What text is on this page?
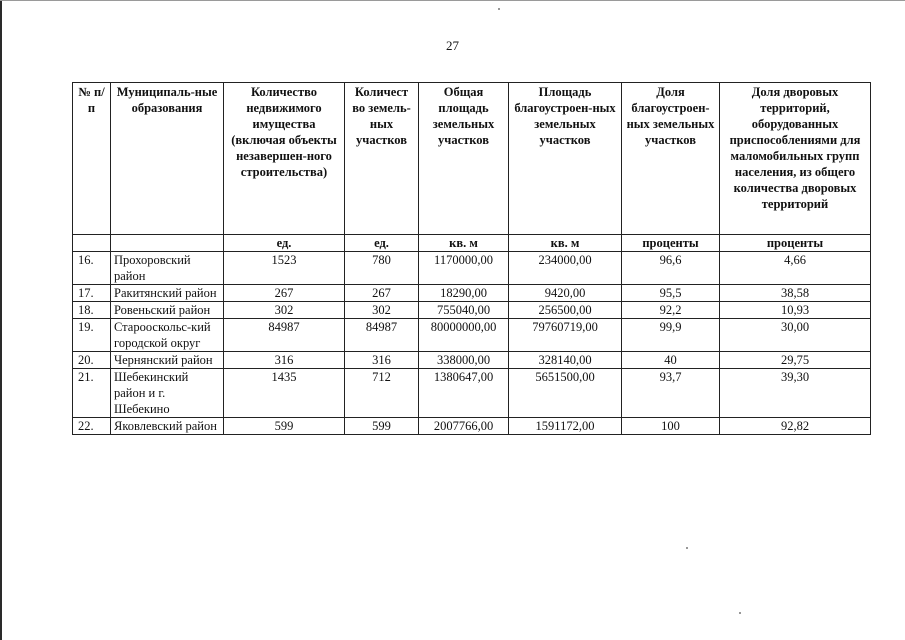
27
№ п/п	Муниципаль-ные образования	Количество недвижимого имущества (включая объекты незавершен-ного строительства)	Количест во земель-ных участков	Общая площадь земельных участков	Площадь благоустроен-ных земельных участков	Доля благоустроен-ных земельных участков	Доля дворовых территорий, оборудованных приспособлениями для маломобильных групп населения, из общего количества дворовых территорий
		ед.	ед.	кв. м	кв. м	проценты	проценты
16.	Прохоровский район	1523	780	1170000,00	234000,00	96,6	4,66
17.	Ракитянский район	267	267	18290,00	9420,00	95,5	38,58
18.	Ровеньский район	302	302	755040,00	256500,00	92,2	10,93
19.	Старооскольс-кий городской округ	84987	84987	80000000,00	79760719,00	99,9	30,00
20.	Чернянский район	316	316	338000,00	328140,00	40	29,75
21.	Шебекинский район и г. Шебекино	1435	712	1380647,00	5651500,00	93,7	39,30
22.	Яковлевский район	599	599	2007766,00	1591172,00	100	92,82
